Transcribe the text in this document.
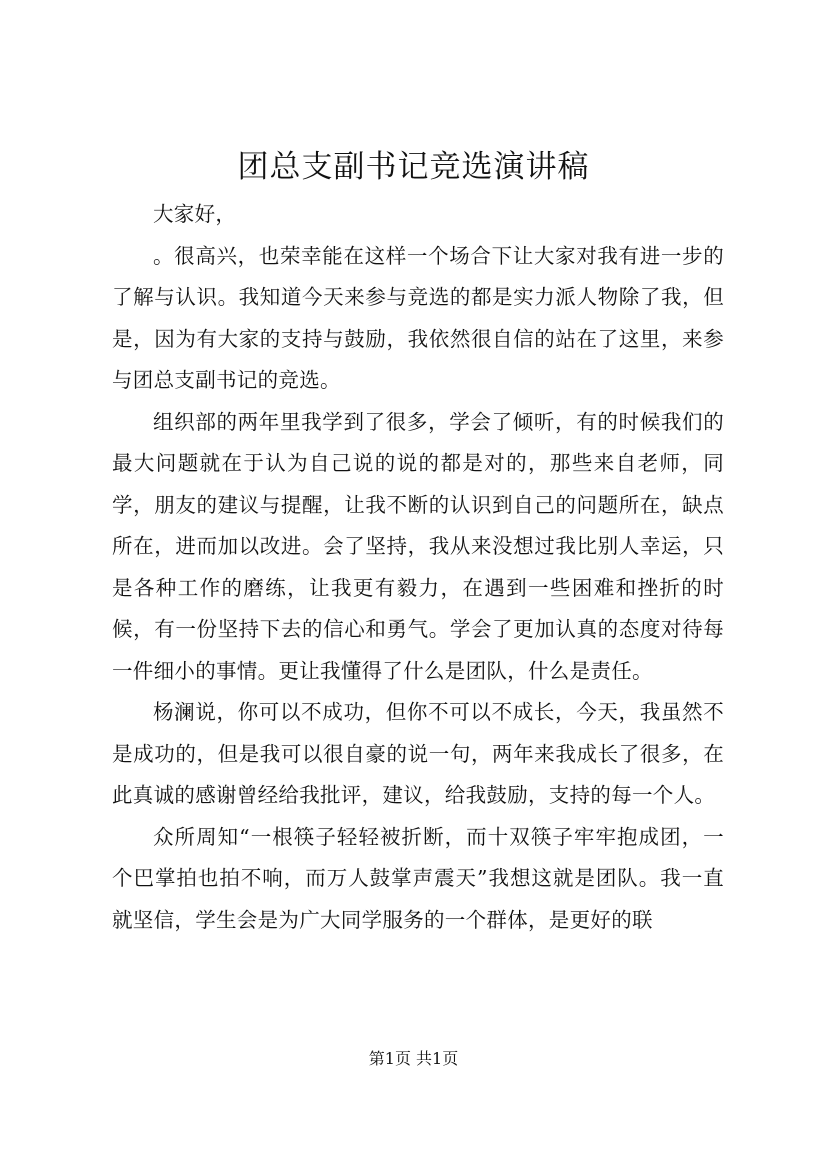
团总支副书记竞选演讲稿

大家好，

。很高兴，也荣幸能在这样一个场合下让大家对我有进一步的了解与认识。我知道今天来参与竞选的都是实力派人物除了我，但是，因为有大家的支持与鼓励，我依然很自信的站在了这里，来参与团总支副书记的竞选。

组织部的两年里我学到了很多，学会了倾听，有的时候我们的最大问题就在于认为自己说的说的都是对的，那些来自老师，同学，朋友的建议与提醒，让我不断的认识到自己的问题所在，缺点所在，进而加以改进。会了坚持，我从来没想过我比别人幸运，只是各种工作的磨练，让我更有毅力，在遇到一些困难和挫折的时候，有一份坚持下去的信心和勇气。学会了更加认真的态度对待每一件细小的事情。更让我懂得了什么是团队，什么是责任。

杨澜说，你可以不成功，但你不可以不成长，今天，我虽然不是成功的，但是我可以很自豪的说一句，两年来我成长了很多，在此真诚的感谢曾经给我批评，建议，给我鼓励，支持的每一个人。

众所周知“一根筷子轻轻被折断，而十双筷子牢牢抱成团，一个巴掌拍也拍不响，而万人鼓掌声震天”我想这就是团队。我一直就坚信，学生会是为广大同学服务的一个群体，是更好的联

第1页 共1页
